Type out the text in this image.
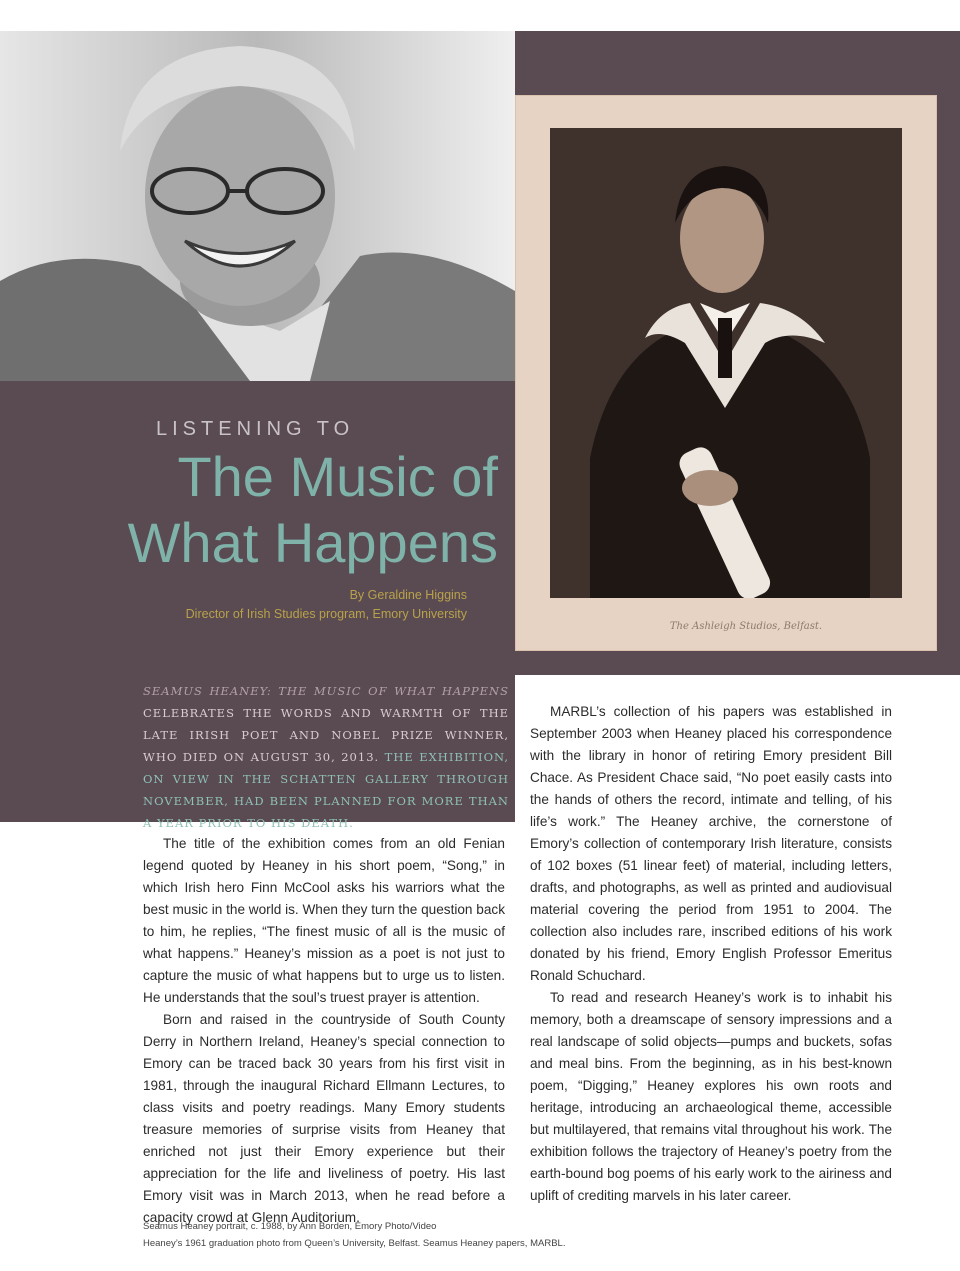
The Ashleigh Studios, Belfast.
LISTENING TO
The Music of
What Happens
By Geraldine Higgins
Director of Irish Studies program, Emory University
SEAMUS HEANEY: THE MUSIC OF WHAT HAPPENS CELEBRATES THE WORDS AND WARMTH OF THE LATE IRISH POET AND NOBEL PRIZE WINNER, WHO DIED ON AUGUST 30, 2013. THE EXHIBITION, ON VIEW IN THE SCHATTEN GALLERY THROUGH NOVEMBER, HAD BEEN PLANNED FOR MORE THAN A YEAR PRIOR TO HIS DEATH.

The title of the exhibition comes from an old Fenian legend quoted by Heaney in his short poem, “Song,” in which Irish hero Finn McCool asks his warriors what the best music in the world is. When they turn the question back to him, he replies, “The finest music of all is the music of what happens.” Heaney’s mission as a poet is not just to capture the music of what happens but to urge us to listen. He understands that the soul’s truest prayer is attention.

Born and raised in the countryside of South County Derry in Northern Ireland, Heaney’s special connection to Emory can be traced back 30 years from his first visit in 1981, through the inaugural Richard Ellmann Lectures, to class visits and poetry readings. Many Emory students treasure memories of surprise visits from Heaney that enriched not just their Emory experience but their appreciation for the life and liveliness of poetry. His last Emory visit was in March 2013, when he read before a capacity crowd at Glenn Auditorium.

MARBL’s collection of his papers was established in September 2003 when Heaney placed his correspondence with the library in honor of retiring Emory president Bill Chace. As President Chace said, “No poet easily casts into the hands of others the record, intimate and telling, of his life’s work.” The Heaney archive, the cornerstone of Emory’s collection of contemporary Irish literature, consists of 102 boxes (51 linear feet) of material, including letters, drafts, and photographs, as well as printed and audiovisual material covering the period from 1951 to 2004. The collection also includes rare, inscribed editions of his work donated by his friend, Emory English Professor Emeritus Ronald Schuchard.

To read and research Heaney’s work is to inhabit his memory, both a dreamscape of sensory impressions and a real landscape of solid objects—pumps and buckets, sofas and meal bins. From the beginning, as in his best-known poem, “Digging,” Heaney explores his own roots and heritage, introducing an archaeological theme, accessible but multilayered, that remains vital throughout his work. The exhibition follows the trajectory of Heaney’s poetry from the earth-bound bog poems of his early work to the airiness and uplift of crediting marvels in his later career.

Seamus Heaney portrait, c. 1988, by Ann Borden, Emory Photo/Video
Heaney’s 1961 graduation photo from Queen’s University, Belfast. Seamus Heaney papers, MARBL.
